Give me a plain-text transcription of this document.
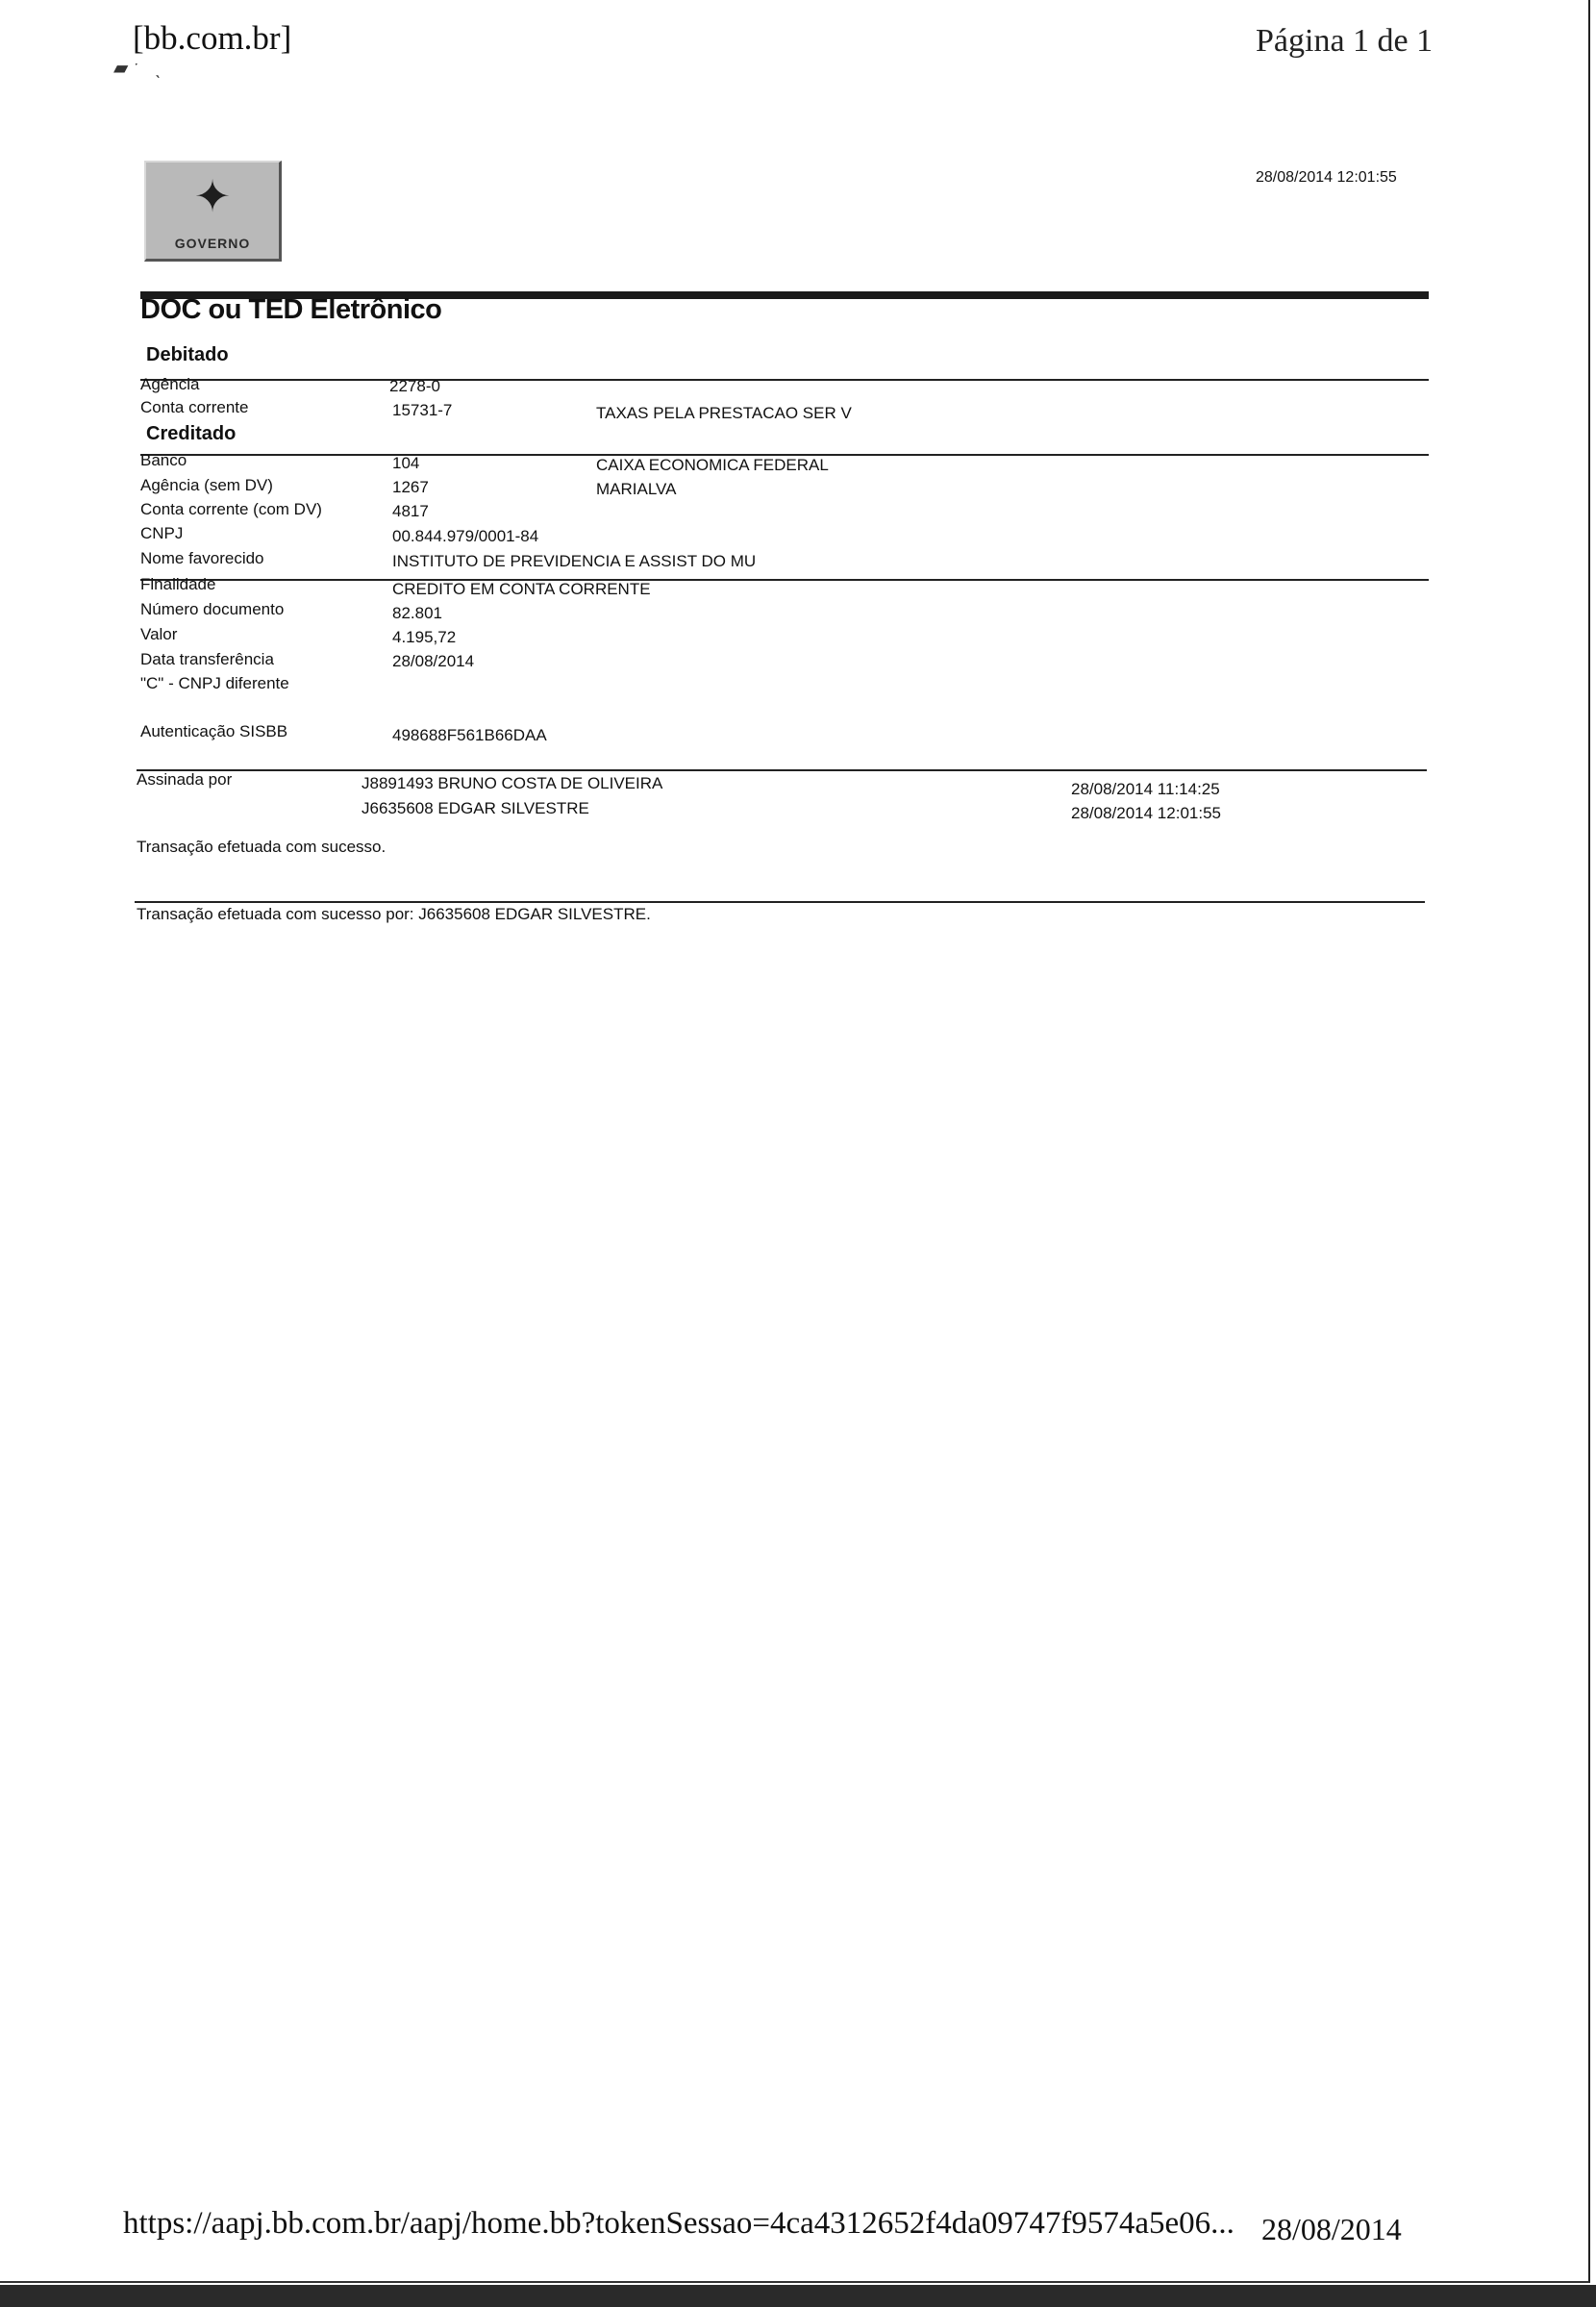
[bb.com.br]
▰ ˑ   ˎ
Página 1 de 1
✦
GOVERNO
28/08/2014 12:01:55
DOC ou TED Eletrônico
Debitado
Agência	2278-0
Conta corrente	15731-7	TAXAS PELA PRESTACAO SER V
Creditado
Banco	104	CAIXA ECONOMICA FEDERAL
Agência (sem DV)	1267	MARIALVA
Conta corrente (com DV)	4817
CNPJ	00.844.979/0001-84
Nome favorecido	INSTITUTO DE PREVIDENCIA E ASSIST DO MU
Finalidade	CREDITO EM CONTA CORRENTE
Número documento	82.801
Valor	4.195,72
Data transferência	28/08/2014
"C" - CNPJ diferente
Autenticação SISBB	498688F561B66DAA
Assinada por	J8891493 BRUNO COSTA DE OLIVEIRA	28/08/2014 11:14:25
J6635608 EDGAR SILVESTRE	28/08/2014 12:01:55
Transação efetuada com sucesso.
Transação efetuada com sucesso por: J6635608 EDGAR SILVESTRE.
https://aapj.bb.com.br/aapj/home.bb?tokenSessao=4ca4312652f4da09747f9574a5e06... 28/08/2014
